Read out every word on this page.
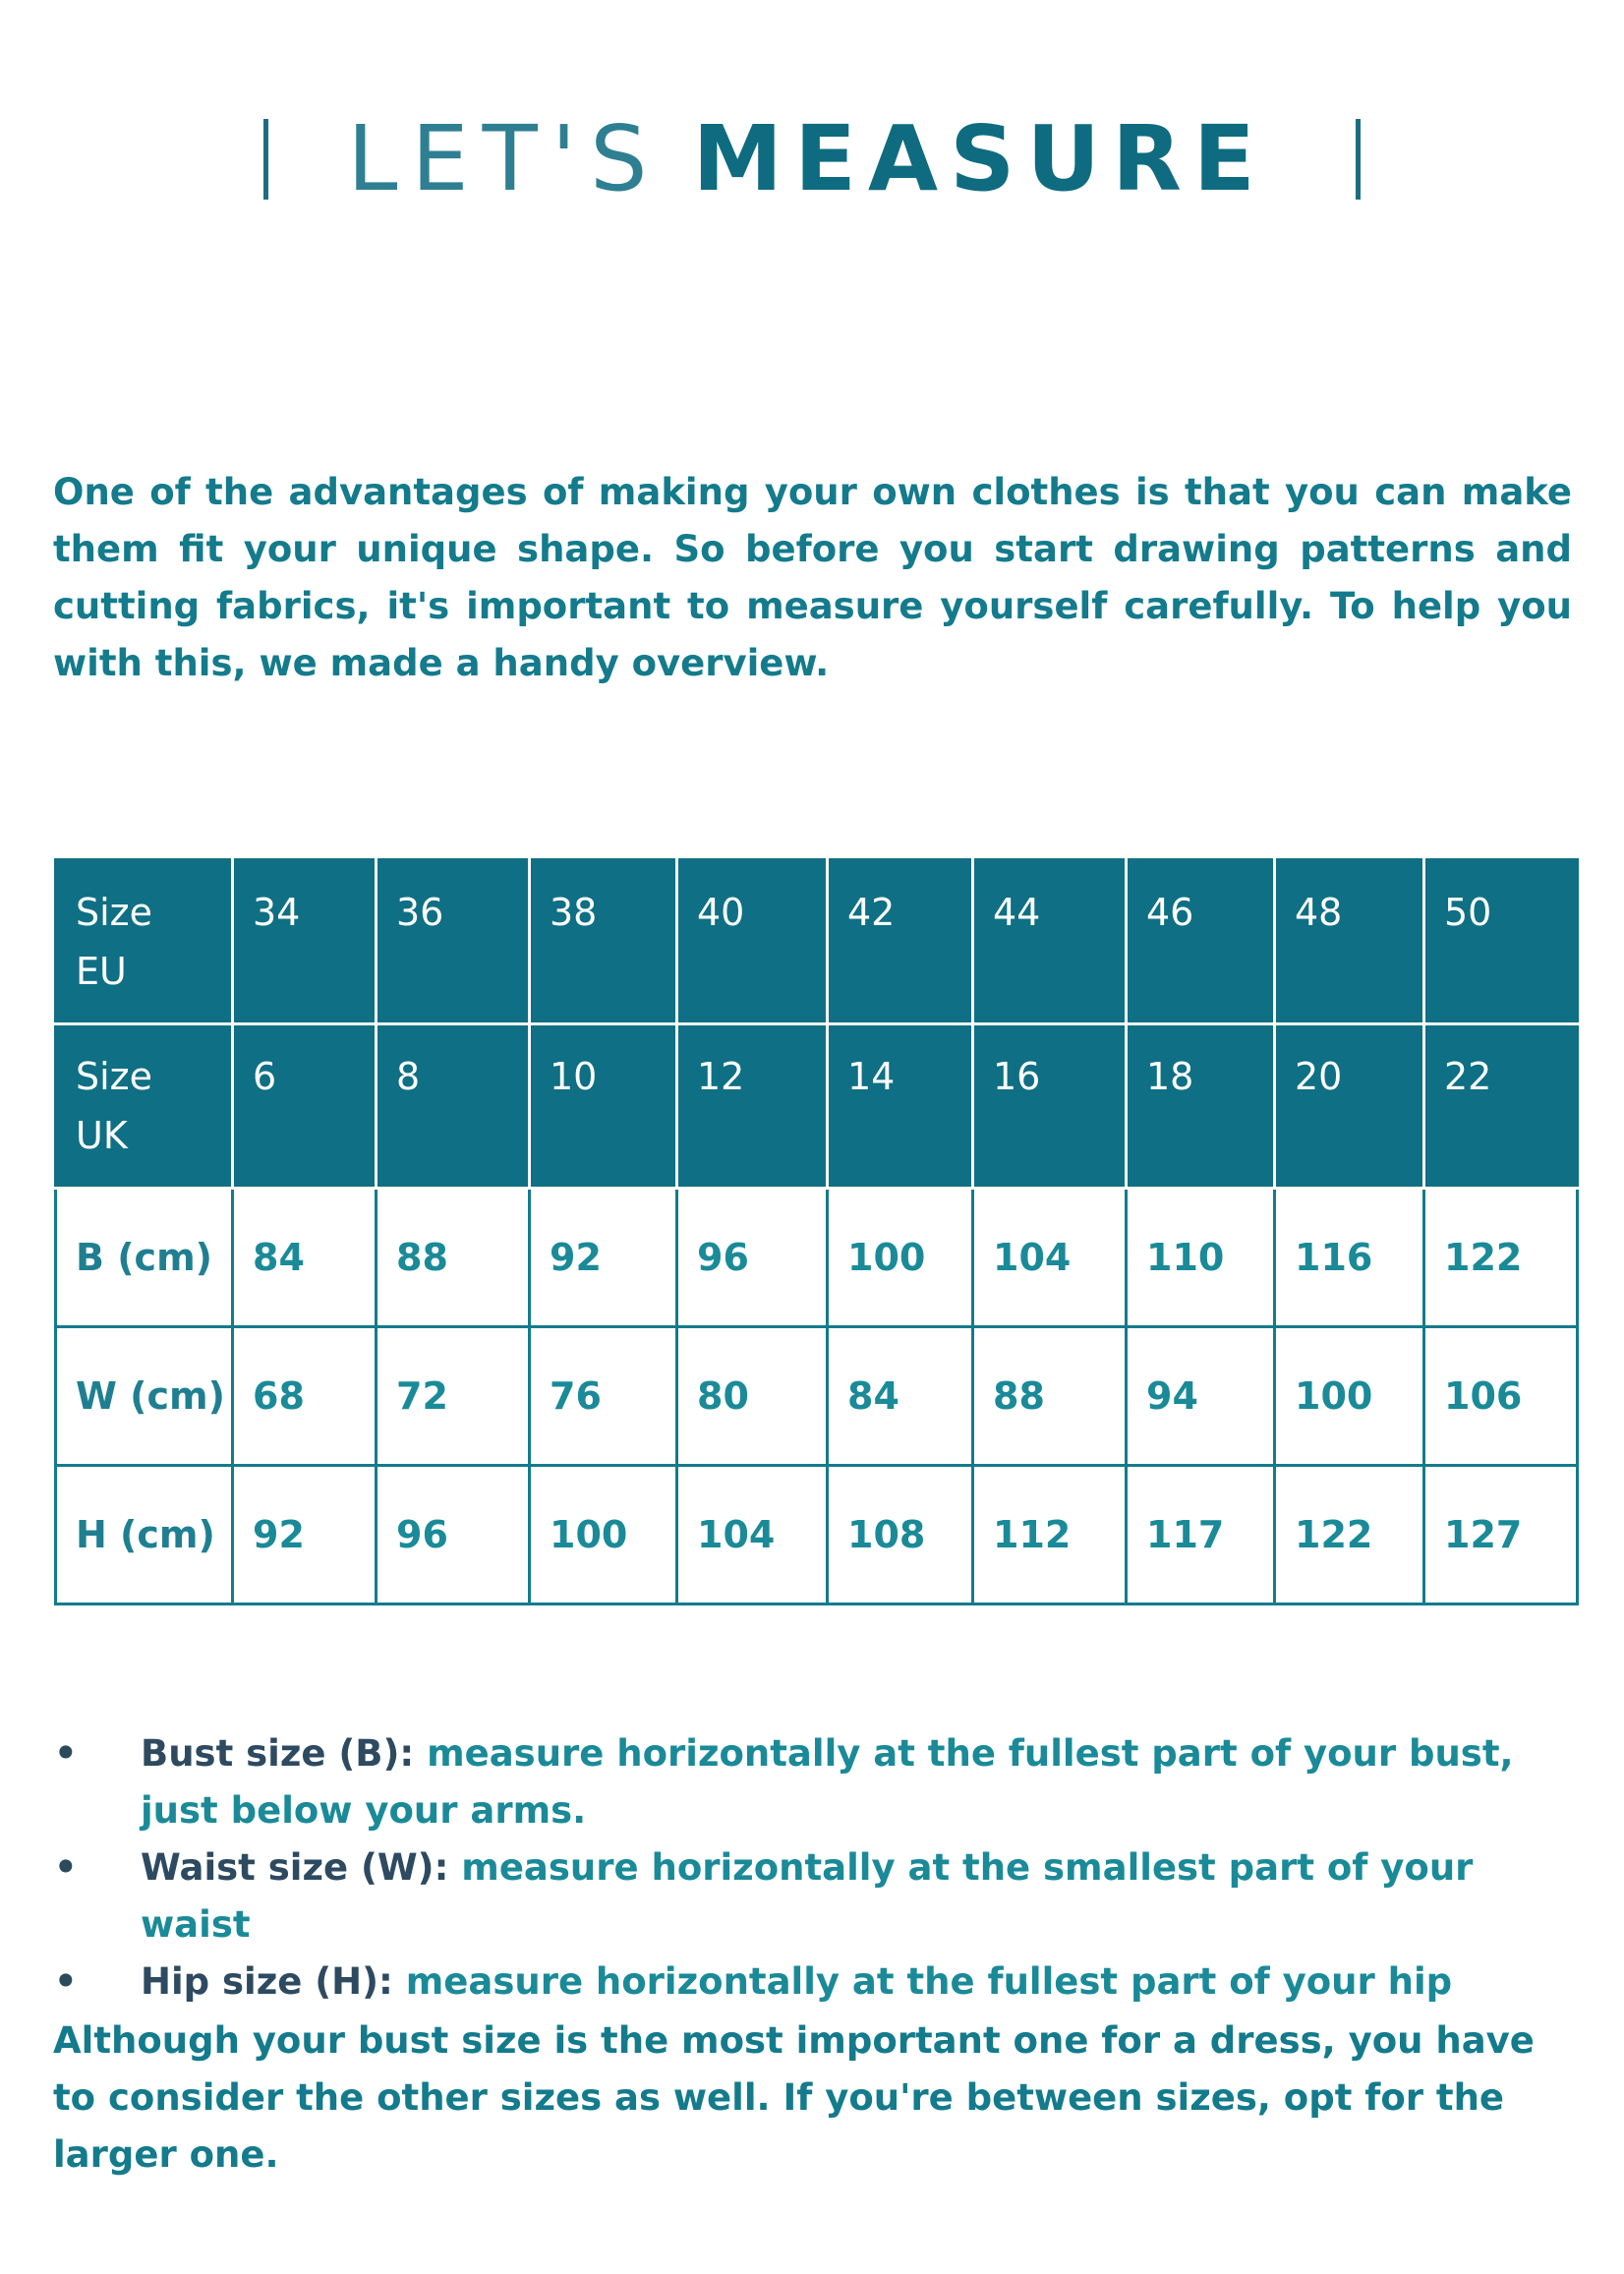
LET'S MEASURE

One of the advantages of making your own clothes is that you can make them fit your unique shape. So before you start drawing patterns and cutting fabrics, it's important to measure yourself carefully. To help you with this, we made a handy overview.

Size
EU	34	36	38	40	42	44	46	48	50

Size
UK	6	8	10	12	14	16	18	20	22
B (cm)	84	88	92	96	100	104	110	116	122
W (cm)	68	72	76	80	84	88	94	100	106
H (cm)	92	96	100	104	108	112	117	122	127
•	Bust size (B): measure horizontally at the fullest part of your bust, just below your arms.
•	Waist size (W): measure horizontally at the smallest part of your waist
•	Hip size (H): measure horizontally at the fullest part of your hip

Although your bust size is the most important one for a dress, you have to consider the other sizes as well. If you're between sizes, opt for the larger one.
